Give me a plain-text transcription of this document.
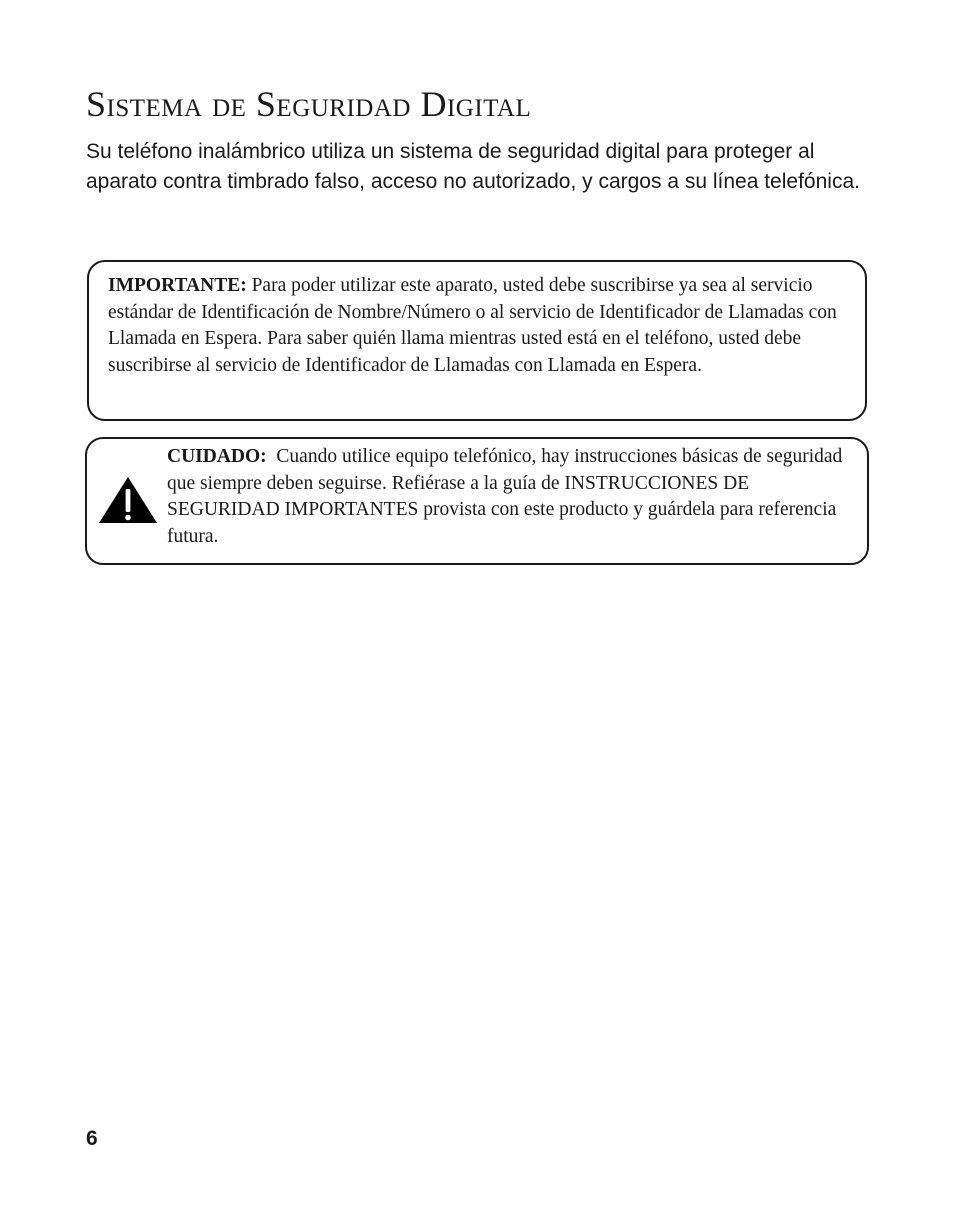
Sistema de Seguridad Digital

Su teléfono inalámbrico utiliza un sistema de seguridad digital para proteger al aparato contra timbrado falso, acceso no autorizado, y cargos a su línea telefónica.

IMPORTANTE: Para poder utilizar este aparato, usted debe suscribirse ya sea al servicio estándar de Identificación de Nombre/Número o al servicio de Identificador de Llamadas con Llamada en Espera. Para saber quién llama mientras usted está en el teléfono, usted debe suscribirse al servicio de Identificador de Llamadas con Llamada en Espera.

CUIDADO: Cuando utilice equipo telefónico, hay instrucciones básicas de seguridad que siempre deben seguirse. Refiérase a la guía de INSTRUCCIONES DE SEGURIDAD IMPORTANTES provista con este producto y guárdela para referencia futura.

6
